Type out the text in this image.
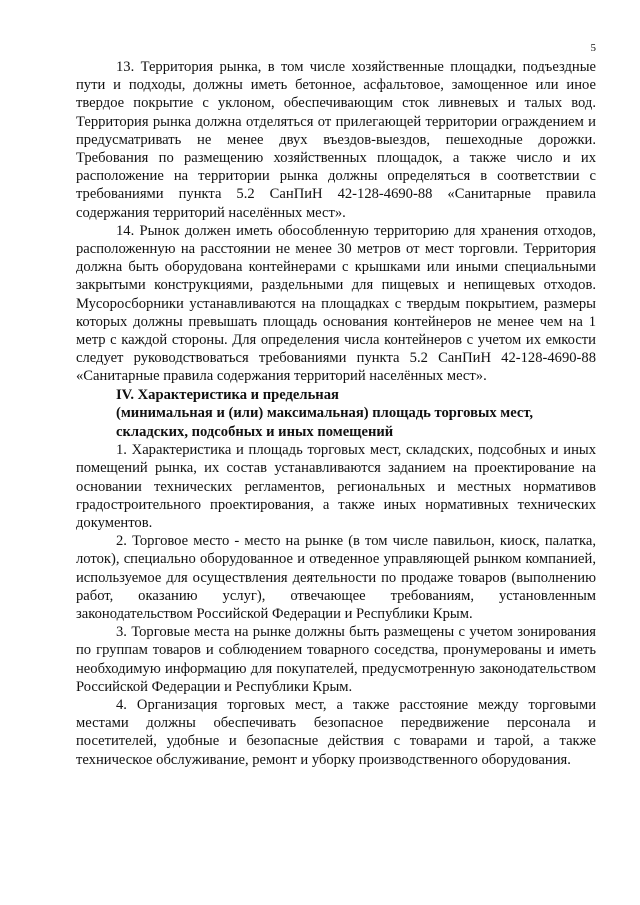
5

13. Территория рынка, в том числе хозяйственные площадки, подъездные пути и подходы, должны иметь бетонное, асфальтовое, замощенное или иное твердое покрытие с уклоном, обеспечивающим сток ливневых и талых вод. Территория рынка должна отделяться от прилегающей территории ограждением и предусматривать не менее двух въездов-выездов, пешеходные дорожки. Требования по размещению хозяйственных площадок, а также число и их расположение на территории рынка должны определяться в соответствии с требованиями пункта 5.2 СанПиН 42-128-4690-88 «Санитарные правила содержания территорий населённых мест».

14. Рынок должен иметь обособленную территорию для хранения отходов, расположенную на расстоянии не менее 30 метров от мест торговли. Территория должна быть оборудована контейнерами с крышками или иными специальными закрытыми конструкциями, раздельными для пищевых и непищевых отходов. Мусоросборники устанавливаются на площадках с твердым покрытием, размеры которых должны превышать площадь основания контейнеров не менее чем на 1 метр с каждой стороны. Для определения числа контейнеров с учетом их емкости следует руководствоваться требованиями пункта 5.2 СанПиН 42-128-4690-88 «Санитарные правила содержания территорий населённых мест».

IV. Характеристика и предельная
(минимальная и (или) максимальная) площадь торговых мест,
складских, подсобных и иных помещений

1. Характеристика и площадь торговых мест, складских, подсобных и иных помещений рынка, их состав устанавливаются заданием на проектирование на основании технических регламентов, региональных и местных нормативов градостроительного проектирования, а также иных нормативных технических документов.

2. Торговое место - место на рынке (в том числе павильон, киоск, палатка, лоток), специально оборудованное и отведенное управляющей рынком компанией, используемое для осуществления деятельности по продаже товаров (выполнению работ, оказанию услуг), отвечающее требованиям, установленным законодательством Российской Федерации и Республики Крым.

3. Торговые места на рынке должны быть размещены с учетом зонирования по группам товаров и соблюдением товарного соседства, пронумерованы и иметь необходимую информацию для покупателей, предусмотренную законодательством Российской Федерации и Республики Крым.

4. Организация торговых мест, а также расстояние между торговыми местами должны обеспечивать безопасное передвижение персонала и посетителей, удобные и безопасные действия с товарами и тарой, а также техническое обслуживание, ремонт и уборку производственного оборудования.
